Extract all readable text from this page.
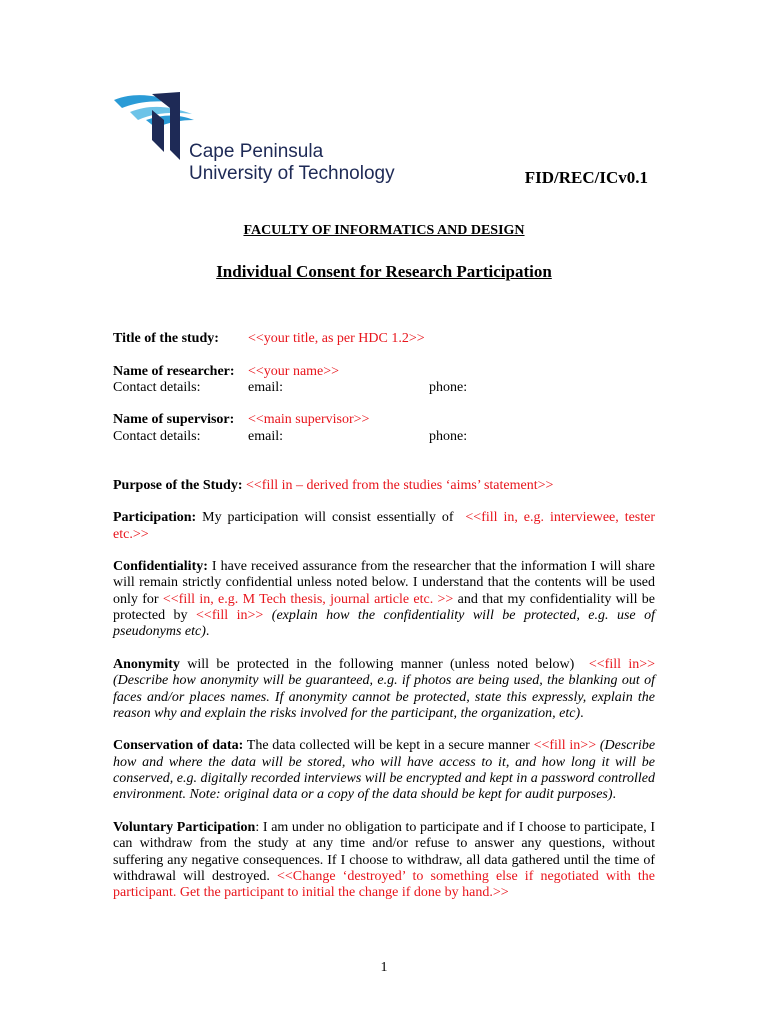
Cape Peninsula
University of Technology	FID/REC/ICv0.1
FACULTY OF INFORMATICS AND DESIGN
Individual Consent for Research Participation
Title of the study: <<your title, as per HDC 1.2>>
Name of researcher: <<your name>>
Contact details:	email:	phone:
Name of supervisor: <<main supervisor>>
Contact details:	email:	phone:

Purpose of the Study: <<fill in – derived from the studies ‘aims’ statement>>

Participation: My participation will consist essentially of <<fill in, e.g. interviewee, tester etc.>>

Confidentiality: I have received assurance from the researcher that the information I will share will remain strictly confidential unless noted below. I understand that the contents will be used only for <<fill in, e.g. M Tech thesis, journal article etc. >> and that my confidentiality will be protected by <<fill in>> (explain how the confidentiality will be protected, e.g. use of pseudonyms etc).

Anonymity will be protected in the following manner (unless noted below) <<fill in>> (Describe how anonymity will be guaranteed, e.g. if photos are being used, the blanking out of faces and/or places names. If anonymity cannot be protected, state this expressly, explain the reason why and explain the risks involved for the participant, the organization, etc).

Conservation of data: The data collected will be kept in a secure manner <<fill in>> (Describe how and where the data will be stored, who will have access to it, and how long it will be conserved, e.g. digitally recorded interviews will be encrypted and kept in a password controlled environment. Note: original data or a copy of the data should be kept for audit purposes).

Voluntary Participation: I am under no obligation to participate and if I choose to participate, I can withdraw from the study at any time and/or refuse to answer any questions, without suffering any negative consequences. If I choose to withdraw, all data gathered until the time of withdrawal will destroyed. <<Change ‘destroyed’ to something else if negotiated with the participant. Get the participant to initial the change if done by hand.>>

1
